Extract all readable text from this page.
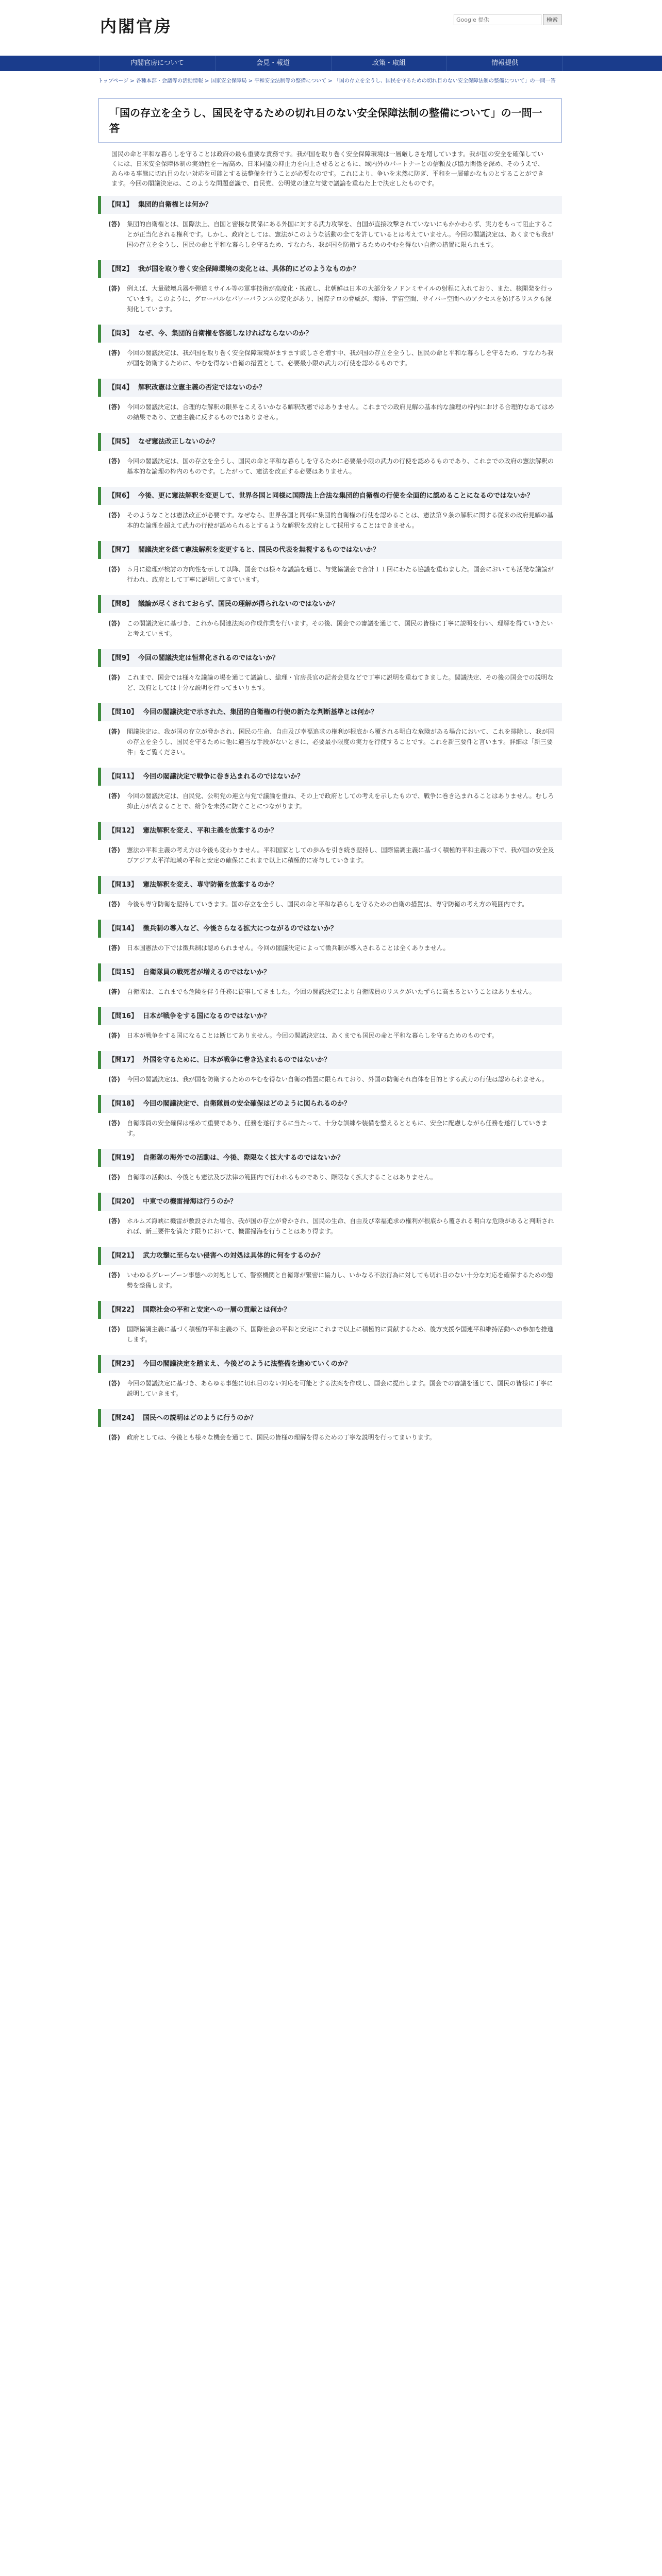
内閣官房
Google 提供	検索
内閣官房について	会見・報道	政策・取組	情報提供
トップページ > 各種本部・会議等の活動情報 > 国家安全保障局 > 平和安全法制等の整備について > 「国の存立を全うし、国民を守るための切れ目のない安全保障法制の整備について」の一問一答
「国の存立を全うし、国民を守るための切れ目のない安全保障法制の整備について」の一問一答

国民の命と平和な暮らしを守ることは政府の最も重要な責務です。我が国を取り巻く安全保障環境は一層厳しさを増しています。我が国の安全を確保していくには、日米安全保障体制の実効性を一層高め、日米同盟の抑止力を向上させるとともに、域内外のパートナーとの信頼及び協力関係を深め、そのうえで、あらゆる事態に切れ目のない対応を可能とする法整備を行うことが必要なのです。これにより、争いを未然に防ぎ、平和を一層確かなものとすることができます。今回の閣議決定は、このような問題意識で、自民党、公明党の連立与党で議論を重ねた上で決定したものです。

【問1】 集団的自衛権とは何か？
(答)	集団的自衛権とは、国際法上、自国と密接な関係にある外国に対する武力攻撃を、自国が直接攻撃されていないにもかかわらず、実力をもって阻止することが正当化される権利です。しかし、政府としては、憲法がこのような活動の全てを許しているとは考えていません。今回の閣議決定は、あくまでも我が国の存立を全うし、国民の命と平和な暮らしを守るため、すなわち、我が国を防衛するためのやむを得ない自衛の措置に限られます。
【問2】 我が国を取り巻く安全保障環境の変化とは、具体的にどのようなものか？
(答)	例えば、大量破壊兵器や弾道ミサイル等の軍事技術が高度化・拡散し、北朝鮮は日本の大部分をノドンミサイルの射程に入れており、また、核開発を行っています。このように、グローバルなパワーバランスの変化があり、国際テロの脅威が、海洋、宇宙空間、サイバー空間へのアクセスを妨げるリスクも深刻化しています。
【問3】 なぜ、今、集団的自衛権を容認しなければならないのか？
(答)	今回の閣議決定は、我が国を取り巻く安全保障環境がますます厳しさを増す中、我が国の存立を全うし、国民の命と平和な暮らしを守るため、すなわち我が国を防衛するために、やむを得ない自衛の措置として、必要最小限の武力の行使を認めるものです。
【問4】 解釈改憲は立憲主義の否定ではないのか？
(答)	今回の閣議決定は、合理的な解釈の限界をこえるいかなる解釈改憲ではありません。これまでの政府見解の基本的な論理の枠内における合理的なあてはめの結果であり、立憲主義に反するものではありません。
【問5】 なぜ憲法改正しないのか？
(答)	今回の閣議決定は、国の存立を全うし、国民の命と平和な暮らしを守るために必要最小限の武力の行使を認めるものであり、これまでの政府の憲法解釈の基本的な論理の枠内のものです。したがって、憲法を改正する必要はありません。
【問6】 今後、更に憲法解釈を変更して、世界各国と同様に国際法上合法な集団的自衛権の行使を全面的に認めることになるのではないか？
(答)	そのようなことは憲法改正が必要です。なぜなら、世界各国と同様に集団的自衛権の行使を認めることは、憲法第９条の解釈に関する従来の政府見解の基本的な論理を超えて武力の行使が認められるとするような解釈を政府として採用することはできません。
【問7】 閣議決定を経て憲法解釈を変更すると、国民の代表を無視するものではないか？
(答)	５月に総理が検討の方向性を示して以降、国会では様々な議論を通じ、与党協議会で合計１１回にわたる協議を重ねました。国会においても活発な議論が行われ、政府として丁寧に説明してきています。
【問8】 議論が尽くされておらず、国民の理解が得られないのではないか？
(答)	この閣議決定に基づき、これから関連法案の作成作業を行います。その後、国会での審議を通じて、国民の皆様に丁寧に説明を行い、理解を得ていきたいと考えています。
【問9】 今回の閣議決定は恒常化されるのではないか？
(答)	これまで、国会では様々な議論の場を通じて議論し、総理・官房長官の記者会見などで丁寧に説明を重ねてきました。閣議決定、その後の国会での説明など、政府としては十分な説明を行ってまいります。
【問10】 今回の閣議決定で示された、集団的自衛権の行使の新たな判断基準とは何か？
(答)	閣議決定は、我が国の存立が脅かされ、国民の生命、自由及び幸福追求の権利が根底から覆される明白な危険がある場合において、これを排除し、我が国の存立を全うし、国民を守るために他に適当な手段がないときに、必要最小限度の実力を行使することです。これを新三要件と言います。詳細は「新三要件」をご覧ください。
【問11】 今回の閣議決定で戦争に巻き込まれるのではないか？
(答)	今回の閣議決定は、自民党、公明党の連立与党で議論を重ね、その上で政府としての考えを示したもので、戦争に巻き込まれることはありません。むしろ抑止力が高まることで、紛争を未然に防ぐことにつながります。
【問12】 憲法解釈を変え、平和主義を放棄するのか？
(答)	憲法の平和主義の考え方は今後も変わりません。平和国家としての歩みを引き続き堅持し、国際協調主義に基づく積極的平和主義の下で、我が国の安全及びアジア太平洋地域の平和と安定の確保にこれまで以上に積極的に寄与していきます。
【問13】 憲法解釈を変え、専守防衛を放棄するのか？
(答)	今後も専守防衛を堅持していきます。国の存立を全うし、国民の命と平和な暮らしを守るための自衛の措置は、専守防衛の考え方の範囲内です。
【問14】 徴兵制の導入など、今後さらなる拡大につながるのではないか？
(答)	日本国憲法の下では徴兵制は認められません。今回の閣議決定によって徴兵制が導入されることは全くありません。
【問15】 自衛隊員の戦死者が増えるのではないか？
(答)	自衛隊は、これまでも危険を伴う任務に従事してきました。今回の閣議決定により自衛隊員のリスクがいたずらに高まるということはありません。
【問16】 日本が戦争をする国になるのではないか？
(答)	日本が戦争をする国になることは断じてありません。今回の閣議決定は、あくまでも国民の命と平和な暮らしを守るためのものです。
【問17】 外国を守るために、日本が戦争に巻き込まれるのではないか？
(答)	今回の閣議決定は、我が国を防衛するためのやむを得ない自衛の措置に限られており、外国の防衛それ自体を目的とする武力の行使は認められません。
【問18】 今回の閣議決定で、自衛隊員の安全確保はどのように図られるのか？
(答)	自衛隊員の安全確保は極めて重要であり、任務を遂行するに当たって、十分な訓練や装備を整えるとともに、安全に配慮しながら任務を遂行していきます。
【問19】 自衛隊の海外での活動は、今後、際限なく拡大するのではないか？
(答)	自衛隊の活動は、今後とも憲法及び法律の範囲内で行われるものであり、際限なく拡大することはありません。
【問20】 中東での機雷掃海は行うのか？
(答)	ホルムズ海峡に機雷が敷設された場合、我が国の存立が脅かされ、国民の生命、自由及び幸福追求の権利が根底から覆される明白な危険があると判断されれば、新三要件を満たす限りにおいて、機雷掃海を行うことはあり得ます。
【問21】 武力攻撃に至らない侵害への対処は具体的に何をするのか？
(答)	いわゆるグレーゾーン事態への対処として、警察機関と自衛隊が緊密に協力し、いかなる不法行為に対しても切れ目のない十分な対応を確保するための態勢を整備します。
【問22】 国際社会の平和と安定への一層の貢献とは何か？
(答)	国際協調主義に基づく積極的平和主義の下、国際社会の平和と安定にこれまで以上に積極的に貢献するため、後方支援や国連平和維持活動への参加を推進します。
【問23】 今回の閣議決定を踏まえ、今後どのように法整備を進めていくのか？
(答)	今回の閣議決定に基づき、あらゆる事態に切れ目のない対応を可能とする法案を作成し、国会に提出します。国会での審議を通じて、国民の皆様に丁寧に説明していきます。
【問24】 国民への説明はどのように行うのか？
(答)	政府としては、今後とも様々な機会を通じて、国民の皆様の理解を得るための丁寧な説明を行ってまいります。
